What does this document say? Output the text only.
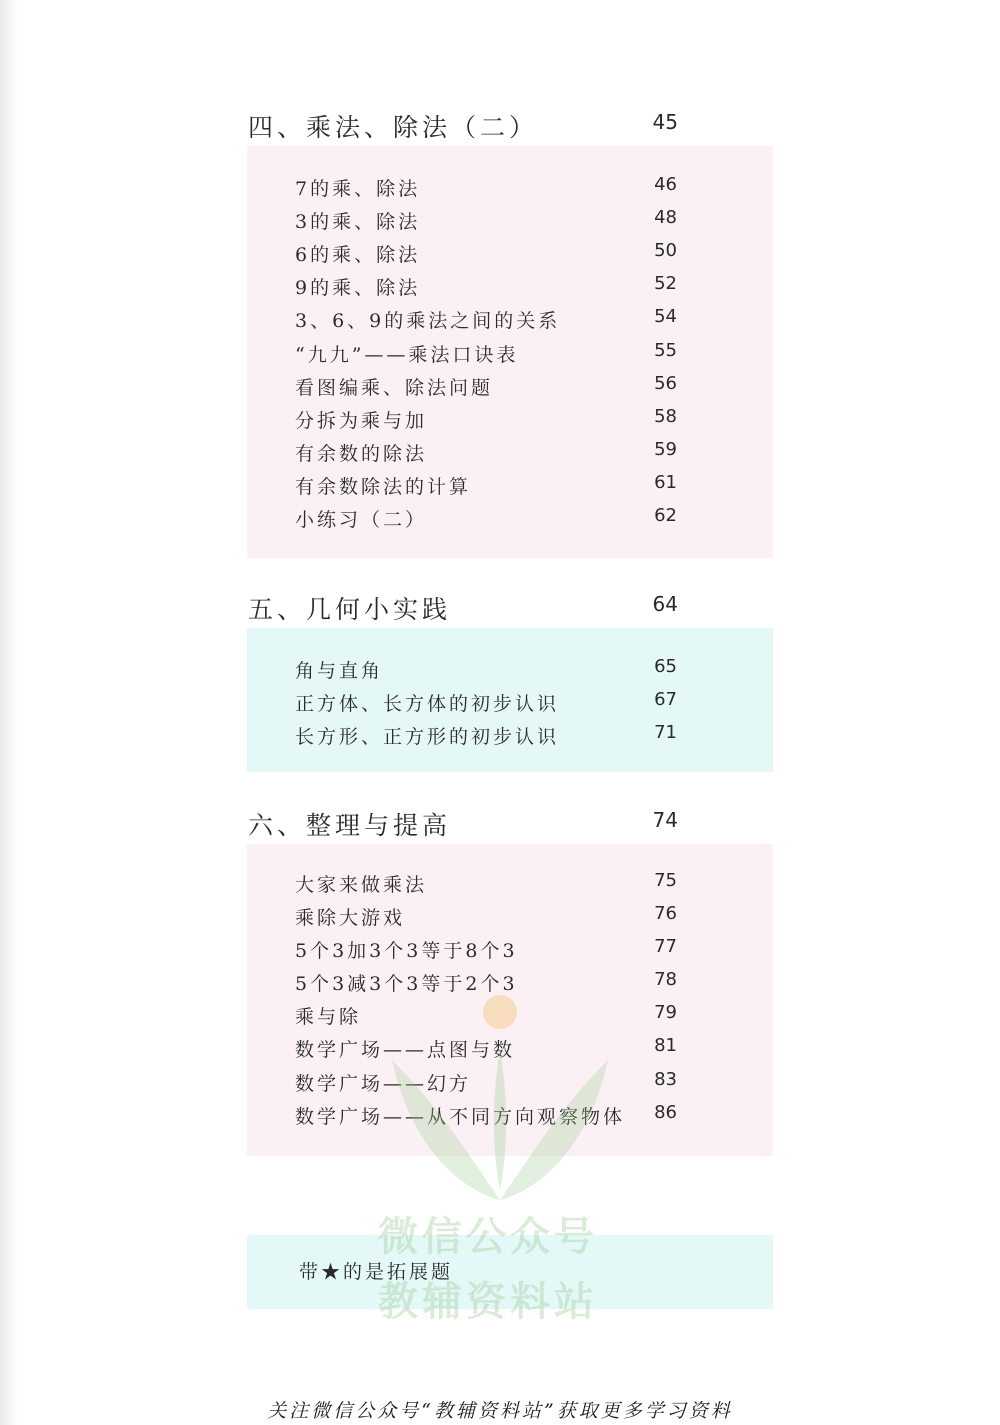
四、乘法、除法（二）	45
7的乘、除法	46
3的乘、除法	48
6的乘、除法	50
9的乘、除法	52
3、6、9的乘法之间的关系	54
“九九”——乘法口诀表	55
看图编乘、除法问题	56
分拆为乘与加	58
有余数的除法	59
有余数除法的计算	61
小练习（二）	62
五、几何小实践	64
角与直角	65
正方体、长方体的初步认识	67
长方形、正方形的初步认识	71
六、整理与提高	74
大家来做乘法	75
乘除大游戏	76
5个3加3个3等于8个3	77
5个3减3个3等于2个3	78
乘与除	79
数学广场——点图与数	81
数学广场——幻方	83
数学广场——从不同方向观察物体 86
带★的是拓展题
微信公众号
教辅资料站
关注微信公众号“教辅资料站”获取更多学习资料
